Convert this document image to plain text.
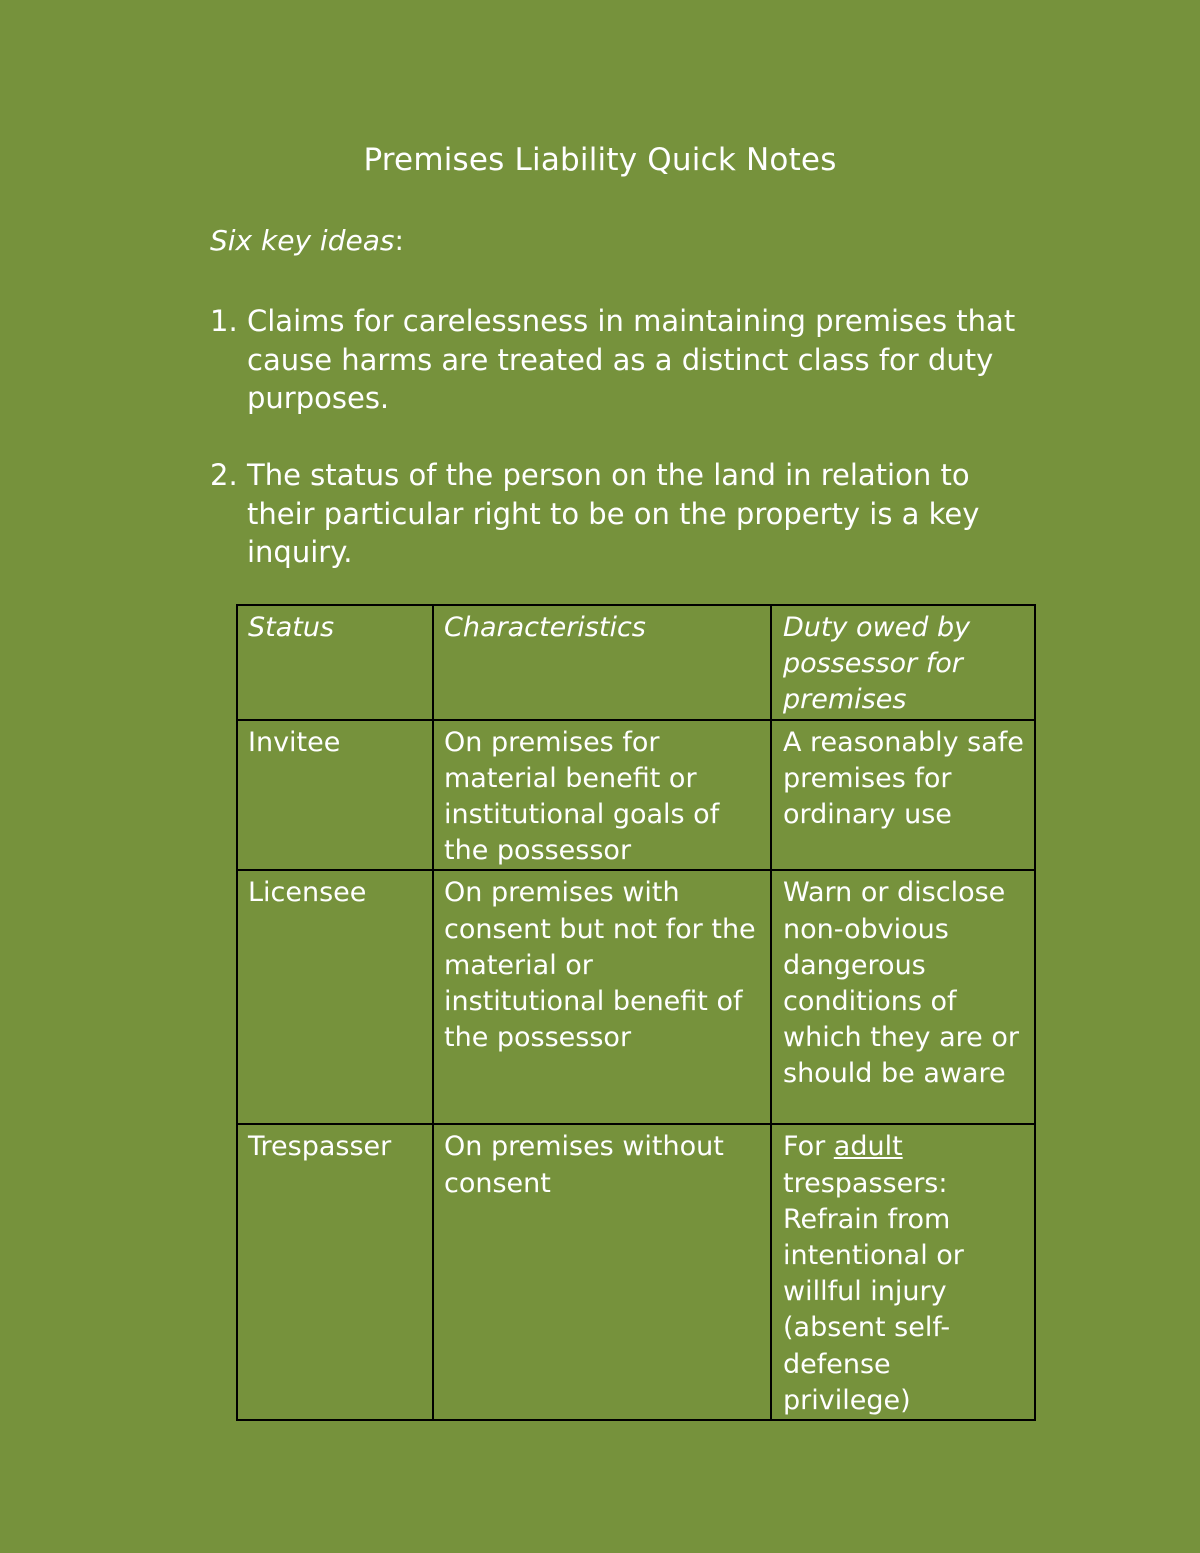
Premises Liability Quick Notes
Six key ideas:
1. Claims for carelessness in maintaining premises that cause harms are treated as a distinct class for duty purposes.
2. The status of the person on the land in relation to their particular right to be on the property is a key inquiry.
Status	Characteristics	Duty owed by possessor for premises
Invitee	On premises for material benefit or institutional goals of the possessor	A reasonably safe premises for ordinary use
Licensee	On premises with consent but not for the material or institutional benefit of the possessor	Warn or disclose non-obvious dangerous conditions of which they are or should be aware
Trespasser	On premises without consent	For adult trespassers: Refrain from intentional or willful injury (absent self-defense privilege)
